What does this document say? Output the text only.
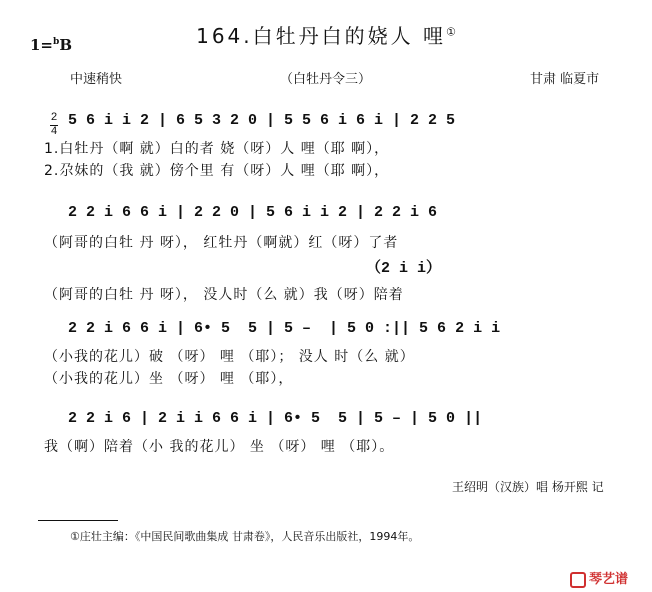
164.白牡丹白的娆人 哩①
1=$^b$B
中速稍快	（白牡丹令三）	甘肃 临夏市
2
4
5 6 i i 2 | 6 5 3 2 0 | 5 5 6 i 6 i | 2 2 5
1.白牡丹（啊 就）白的者 娆（呀）人 哩（耶 啊），
2.尕妹的（我 就）傍个里 有（呀）人 哩（耶 啊），
2 2 i 6 6 i | 2 2 0 | 5 6 i i 2 | 2 2 i 6
（阿哥的白牡 丹 呀）， 红牡丹（啊就）红（呀）了者
（2 i i）
（阿哥的白牡 丹 呀）， 没人时（么 就）我（呀）陪着
2 2 i 6 6 i | 6• 5  5 | 5 –  | 5 0 :|| 5 6 2 i i
（小我的花儿）破 （呀） 哩 （耶）； 没人 时（么 就）
（小我的花儿）坐 （呀） 哩 （耶），
2 2 i 6 | 2 i i 6 6 i | 6• 5  5 | 5 – | 5 0 ||
我（啊）陪着（小 我的花儿） 坐 （呀） 哩 （耶）。
王绍明（汉族）唱 杨开熙 记
①庄壮主编：《中国民间歌曲集成 甘肃卷》，人民音乐出版社，1994年。
琴艺谱
